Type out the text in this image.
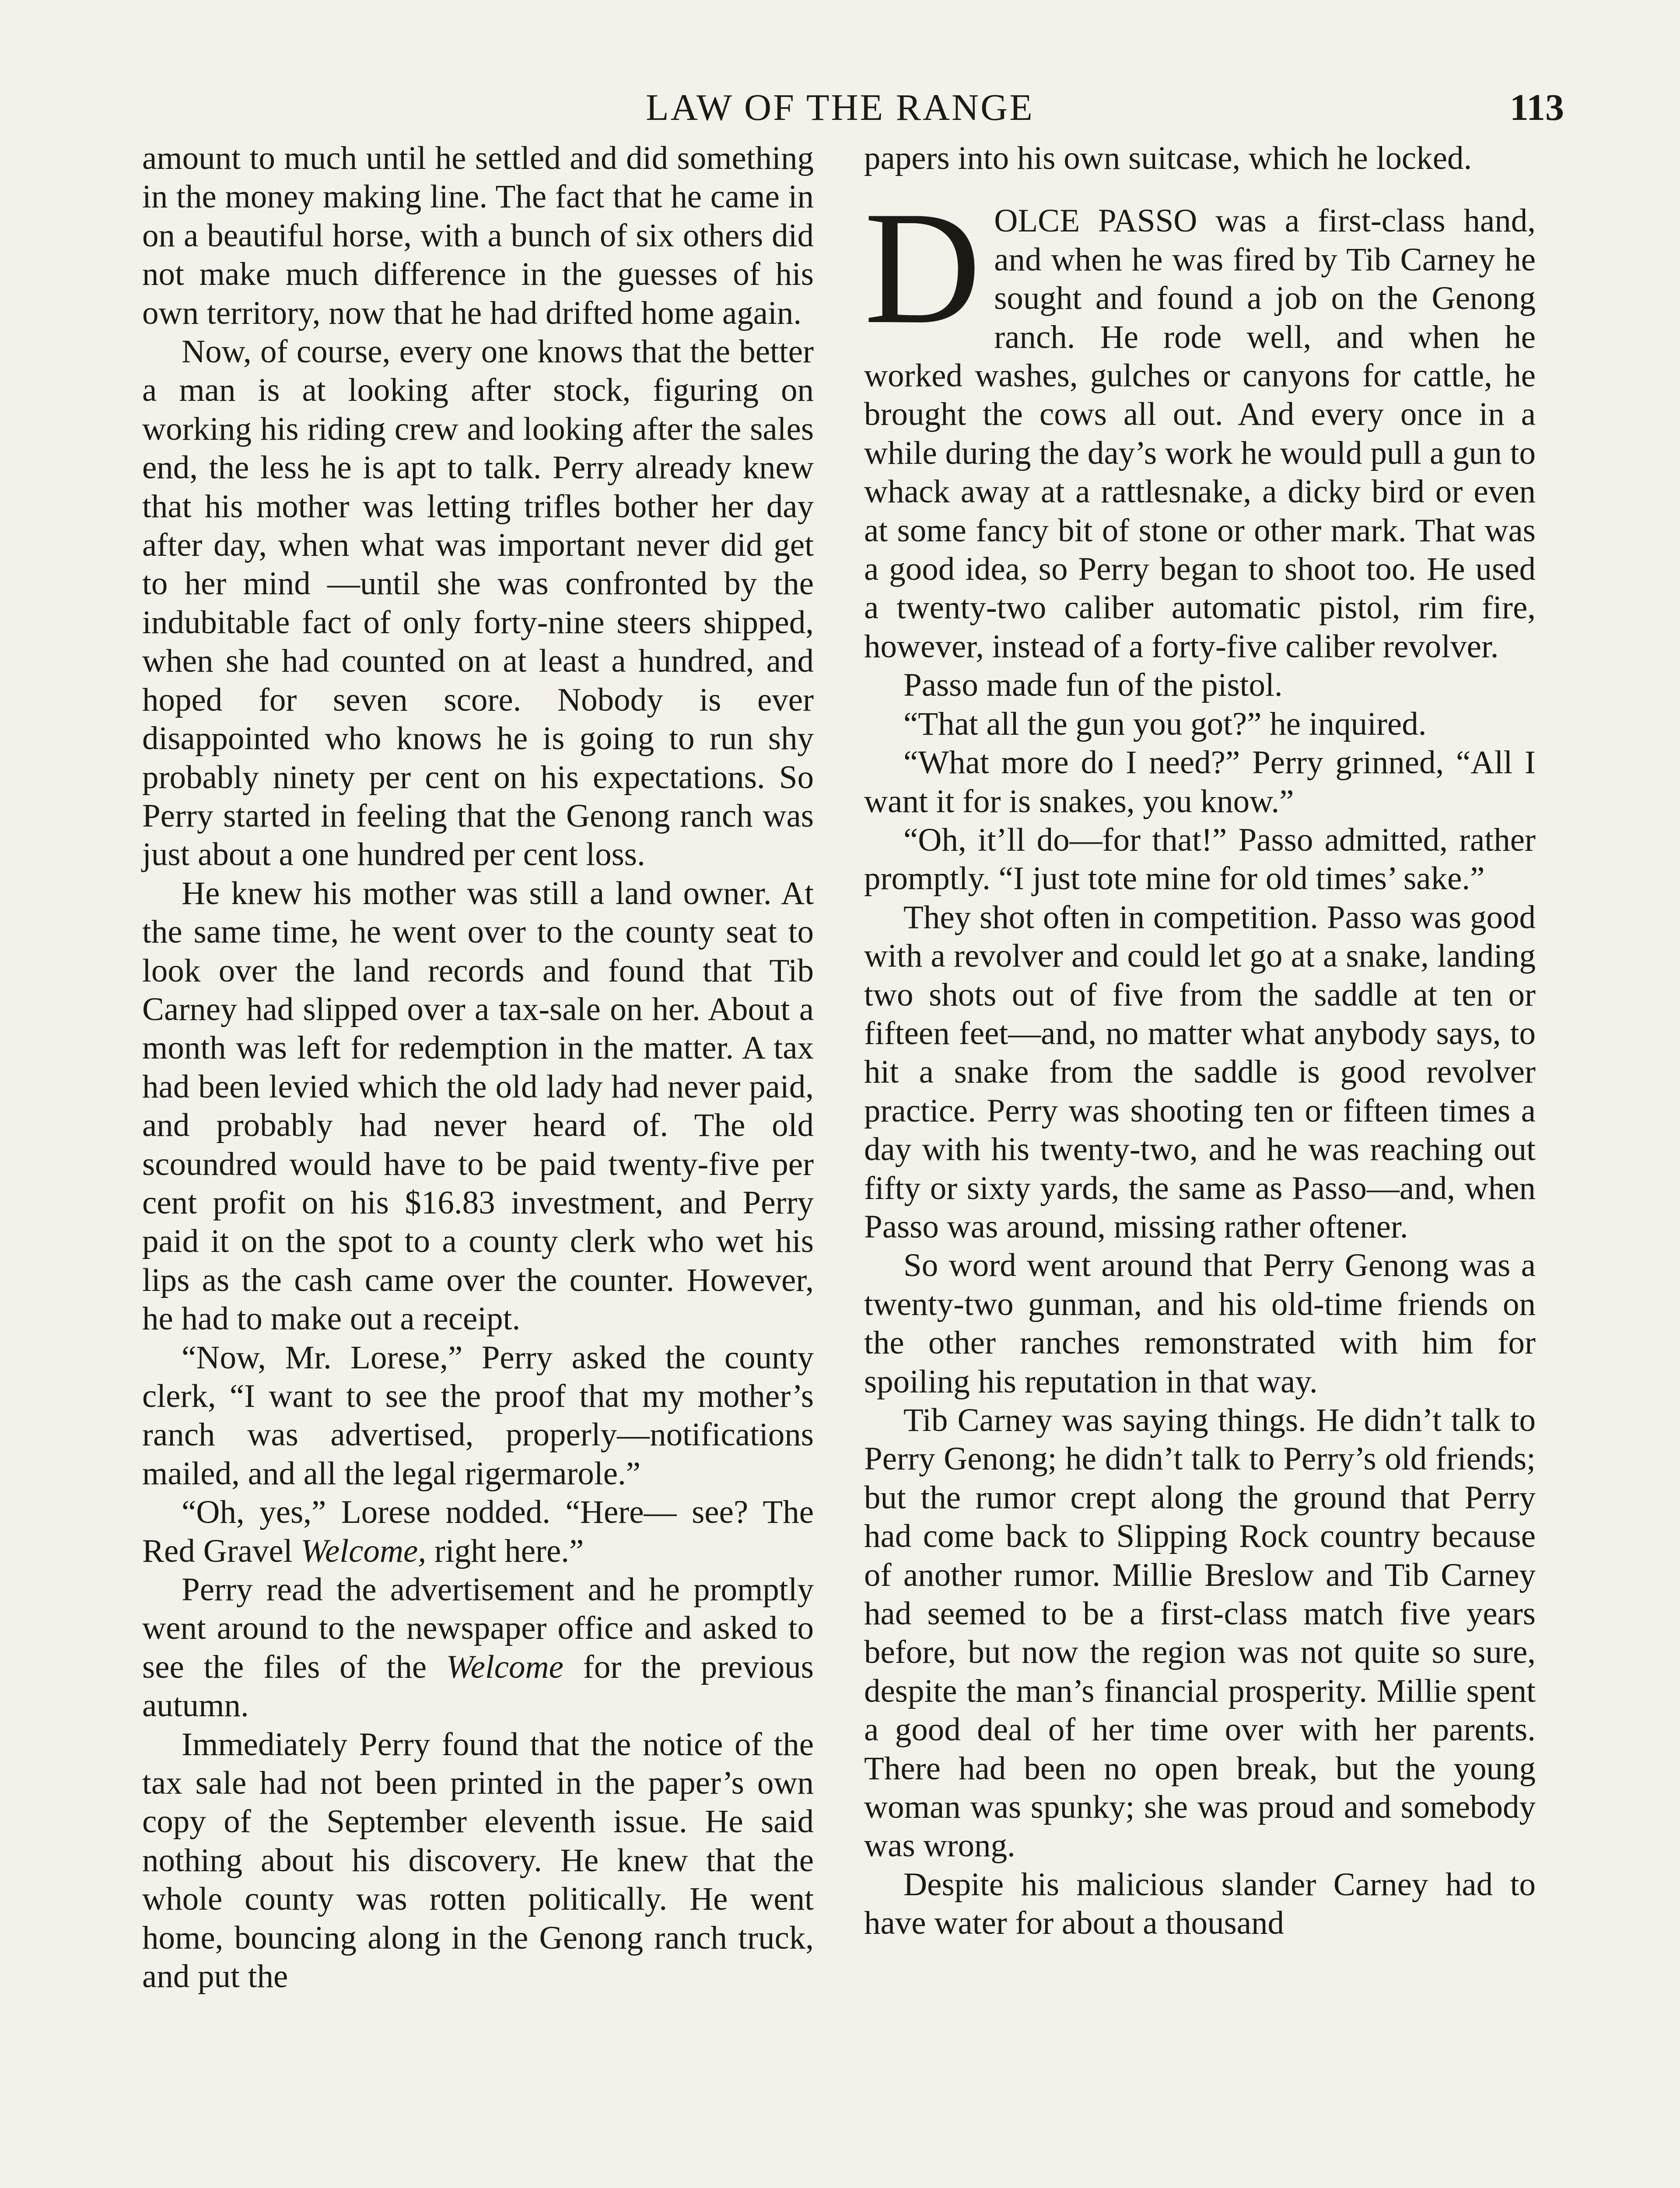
LAW OF THE RANGE	113

amount to much until he settled and did something in the money making line. The fact that he came in on a beautiful horse, with a bunch of six others did not make much difference in the guesses of his own territory, now that he had drifted home again.

Now, of course, every one knows that the better a man is at looking after stock, figuring on working his riding crew and looking after the sales end, the less he is apt to talk. Perry already knew that his mother was letting trifles bother her day after day, when what was important never did get to her mind —until she was confronted by the indubitable fact of only forty-nine steers shipped, when she had counted on at least a hundred, and hoped for seven score. Nobody is ever disappointed who knows he is going to run shy probably ninety per cent on his expectations. So Perry started in feeling that the Genong ranch was just about a one hundred per cent loss.

He knew his mother was still a land owner. At the same time, he went over to the county seat to look over the land records and found that Tib Carney had slipped over a tax-sale on her. About a month was left for redemption in the matter. A tax had been levied which the old lady had never paid, and probably had never heard of. The old scoundred would have to be paid twenty-five per cent profit on his $16.83 investment, and Perry paid it on the spot to a county clerk who wet his lips as the cash came over the counter. However, he had to make out a receipt.

“Now, Mr. Lorese,” Perry asked the county clerk, “I want to see the proof that my mother’s ranch was advertised, properly—notifications mailed, and all the legal rigermarole.”

“Oh, yes,” Lorese nodded. “Here— see? The Red Gravel Welcome, right here.”

Perry read the advertisement and he promptly went around to the newspaper office and asked to see the files of the Welcome for the previous autumn.

Immediately Perry found that the notice of the tax sale had not been printed in the paper’s own copy of the September eleventh issue. He said nothing about his discovery. He knew that the whole county was rotten politically. He went home, bouncing along in the Genong ranch truck, and put the

papers into his own suitcase, which he locked.

DOLCE PASSO was a first-class hand, and when he was fired by Tib Carney he sought and found a job on the Genong ranch. He rode well, and when he worked washes, gulches or canyons for cattle, he brought the cows all out. And every once in a while during the day’s work he would pull a gun to whack away at a rattlesnake, a dicky bird or even at some fancy bit of stone or other mark. That was a good idea, so Perry began to shoot too. He used a twenty-two caliber automatic pistol, rim fire, however, instead of a forty-five caliber revolver.

Passo made fun of the pistol.

“That all the gun you got?” he inquired.

“What more do I need?” Perry grinned, “All I want it for is snakes, you know.”

“Oh, it’ll do—for that!” Passo admitted, rather promptly. “I just tote mine for old times’ sake.”

They shot often in competition. Passo was good with a revolver and could let go at a snake, landing two shots out of five from the saddle at ten or fifteen feet—and, no matter what anybody says, to hit a snake from the saddle is good revolver practice. Perry was shooting ten or fifteen times a day with his twenty-two, and he was reaching out fifty or sixty yards, the same as Passo—and, when Passo was around, missing rather oftener.

So word went around that Perry Genong was a twenty-two gunman, and his old-time friends on the other ranches remonstrated with him for spoiling his reputation in that way.

Tib Carney was saying things. He didn’t talk to Perry Genong; he didn’t talk to Perry’s old friends; but the rumor crept along the ground that Perry had come back to Slipping Rock country because of another rumor. Millie Breslow and Tib Carney had seemed to be a first-class match five years before, but now the region was not quite so sure, despite the man’s financial prosperity. Millie spent a good deal of her time over with her parents. There had been no open break, but the young woman was spunky; she was proud and somebody was wrong.

Despite his malicious slander Carney had to have water for about a thousand
